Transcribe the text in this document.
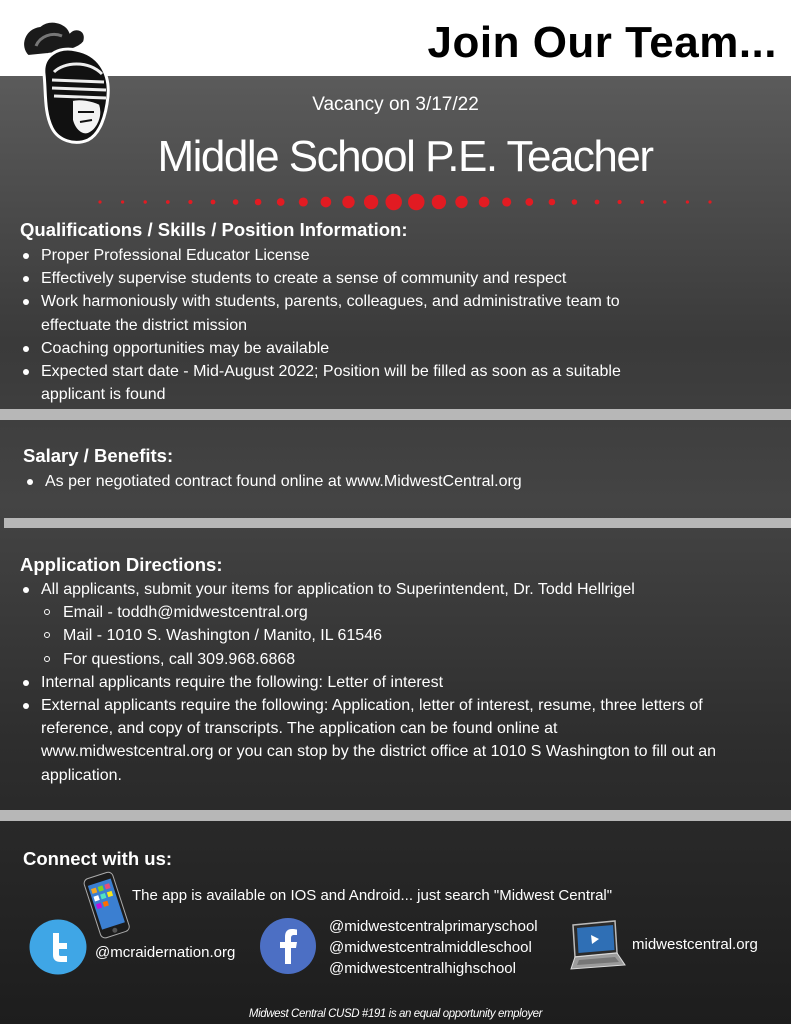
Join Our Team...
Vacancy on 3/17/22
Middle School P.E. Teacher
Qualifications / Skills / Position Information:
Proper Professional Educator License
Effectively supervise students to create a sense of community and respect
Work harmoniously with students, parents, colleagues, and administrative team to effectuate the district mission
Coaching opportunities may be available
Expected start date - Mid-August 2022; Position will be filled as soon as a suitable applicant is found
Salary / Benefits:
As per negotiated contract found online at www.MidwestCentral.org
Application Directions:
All applicants, submit your items for application to Superintendent, Dr. Todd Hellrigel
Email - toddh@midwestcentral.org
Mail - 1010 S. Washington / Manito, IL 61546
For questions, call 309.968.6868
Internal applicants require the following: Letter of interest
External applicants require the following: Application, letter of interest, resume, three letters of reference, and copy of transcripts. The application can be found online at www.midwestcentral.org or you can stop by the district office at 1010 S Washington to fill out an application.
Connect with us:
The app is available on IOS and Android... just search "Midwest Central"
@mcraidernation.org
@midwestcentralprimaryschool
@midwestcentralmiddleschool
@midwestcentralhighschool
midwestcentral.org
Midwest Central CUSD #191 is an equal opportunity employer
